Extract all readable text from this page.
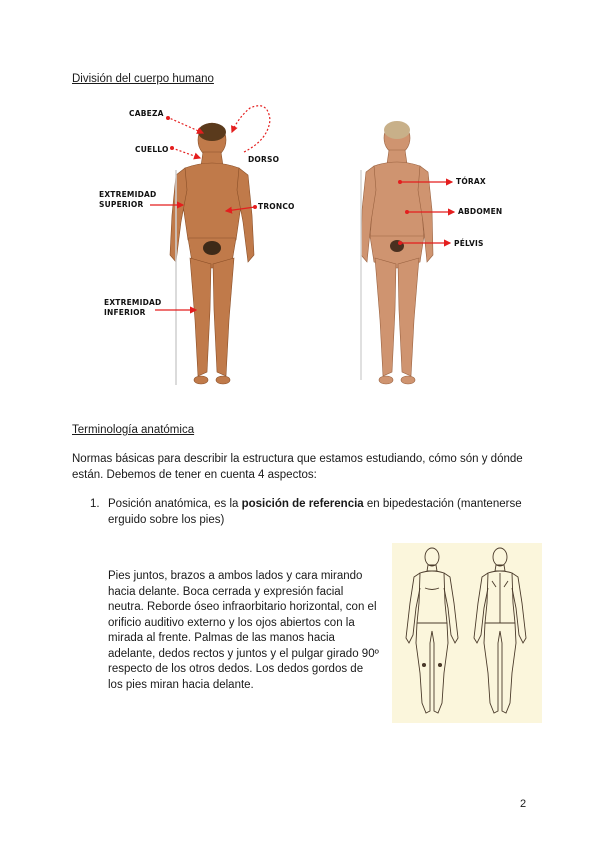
División del cuerpo humano
CABEZA
CUELLO
DORSO
EXTREMIDAD
SUPERIOR	TRONCO
EXTREMIDAD
INFERIOR
TÓRAX
ABDOMEN
PÉLVIS
Terminología anatómica
Normas básicas para describir la estructura que estamos estudiando, cómo són y dónde están. Debemos de tener en cuenta 4 aspectos:
1. Posición anatómica, es la posición de referencia en bipedestación (mantenerse erguido sobre los pies)
Pies juntos, brazos a ambos lados y cara mirando hacia delante. Boca cerrada y expresión facial neutra. Reborde óseo infraorbitario horizontal, con el orificio auditivo externo y los ojos abiertos con la mirada al frente. Palmas de las manos hacia adelante, dedos rectos y juntos y el pulgar girado 90º respecto de los otros dedos. Los dedos gordos de los pies miran hacia delante.
2
